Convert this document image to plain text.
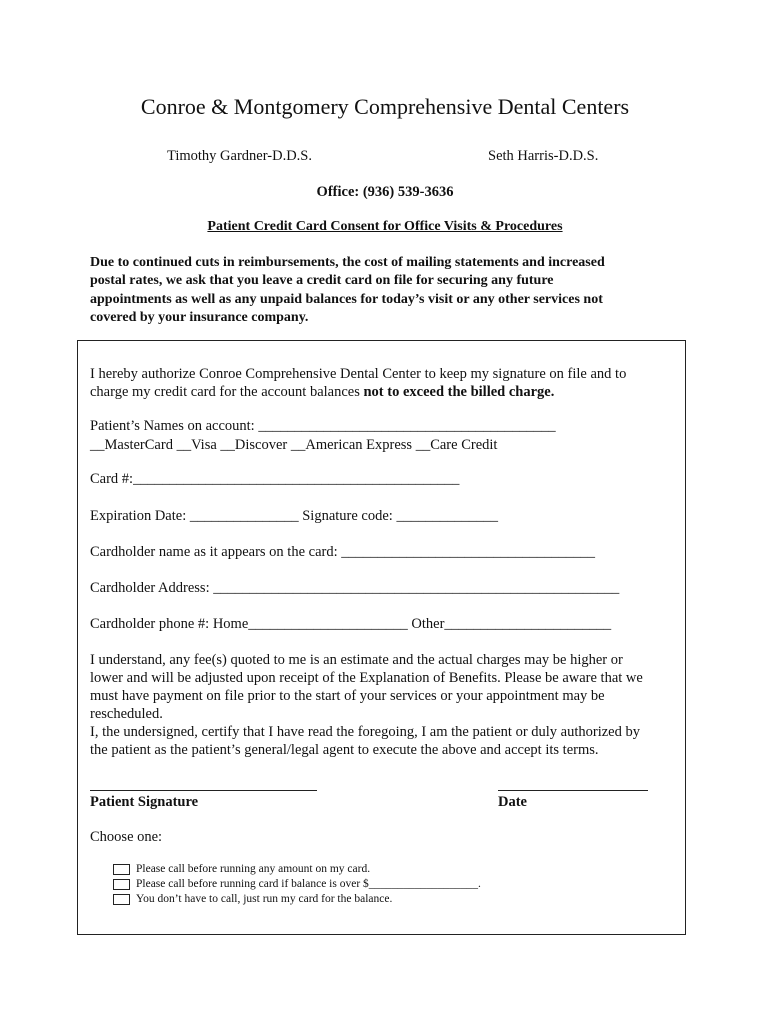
Conroe & Montgomery Comprehensive Dental Centers
Timothy Gardner-D.D.S.	Seth Harris-D.D.S.
Office: (936) 539-3636
Patient Credit Card Consent for Office Visits & Procedures
Due to continued cuts in reimbursements, the cost of mailing statements and increased
postal rates, we ask that you leave a credit card on file for securing any future
appointments as well as any unpaid balances for today’s visit or any other services not
covered by your insurance company.
I hereby authorize Conroe Comprehensive Dental Center to keep my signature on file and to
charge my credit card for the account balances not to exceed the billed charge.
Patient’s Names on account: _________________________________________
__MasterCard __Visa __Discover __American Express __Care Credit
Card #:_____________________________________________
Expiration Date: _______________ Signature code: ______________
Cardholder name as it appears on the card: ___________________________________
Cardholder Address: ________________________________________________________
Cardholder phone #: Home______________________ Other_______________________
I understand, any fee(s) quoted to me is an estimate and the actual charges may be higher or
lower and will be adjusted upon receipt of the Explanation of Benefits. Please be aware that we
must have payment on file prior to the start of your services or your appointment may be
rescheduled.
I, the undersigned, certify that I have read the foregoing, I am the patient or duly authorized by
the patient as the patient’s general/legal agent to execute the above and accept its terms.
Patient Signature	Date
Choose one:
Please call before running any amount on my card.
Please call before running card if balance is over $___________________.
You don’t have to call, just run my card for the balance.
